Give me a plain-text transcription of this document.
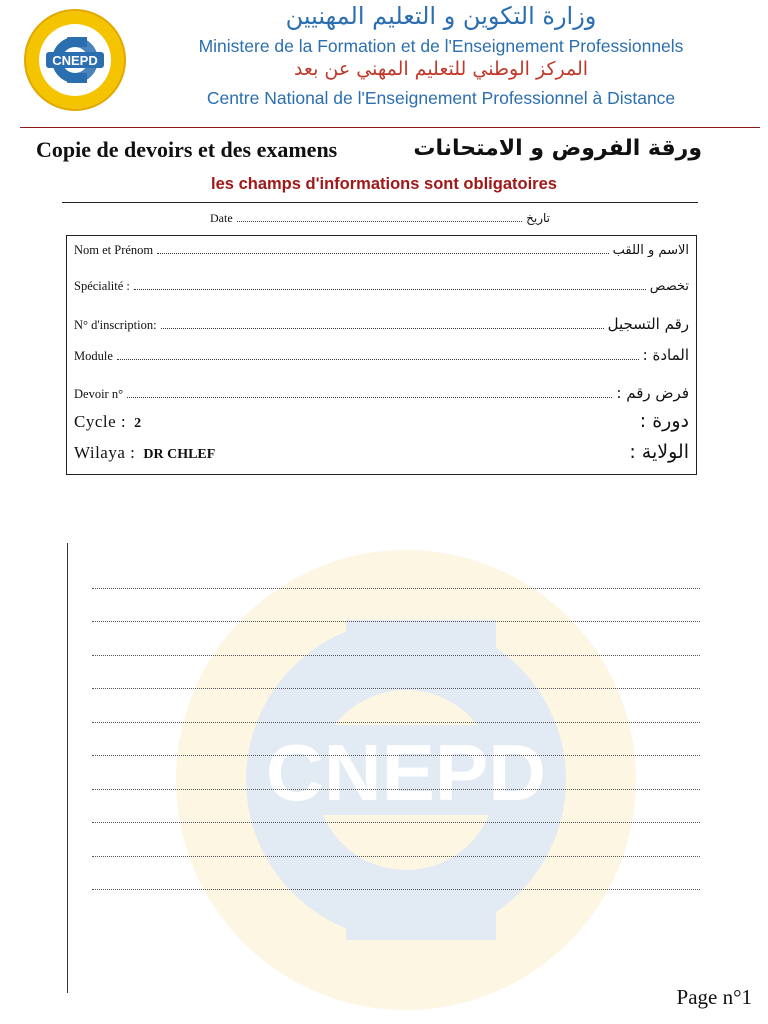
CNEPD
وزارة التكوين و التعليم المهنيين
Ministere de la Formation et de l'Enseignement Professionnels
المركز الوطني للتعليم المهني عن بعد
Centre National de l'Enseignement Professionnel à Distance
Copie de devoirs et des examens	ورقة الفروض و الامتحانات
les champs d'informations sont obligatoires
Date	تاريخ
Nom et Prénom	الاسم و اللقب
Spécialité :	تخصص
N° d'inscription:	رقم التسجيل
Module	المادة :
Devoir n°	فرض رقم :
Cycle : 2	دورة :
Wilaya : DR CHLEF	الولاية :
CNEPD
Page n°1
